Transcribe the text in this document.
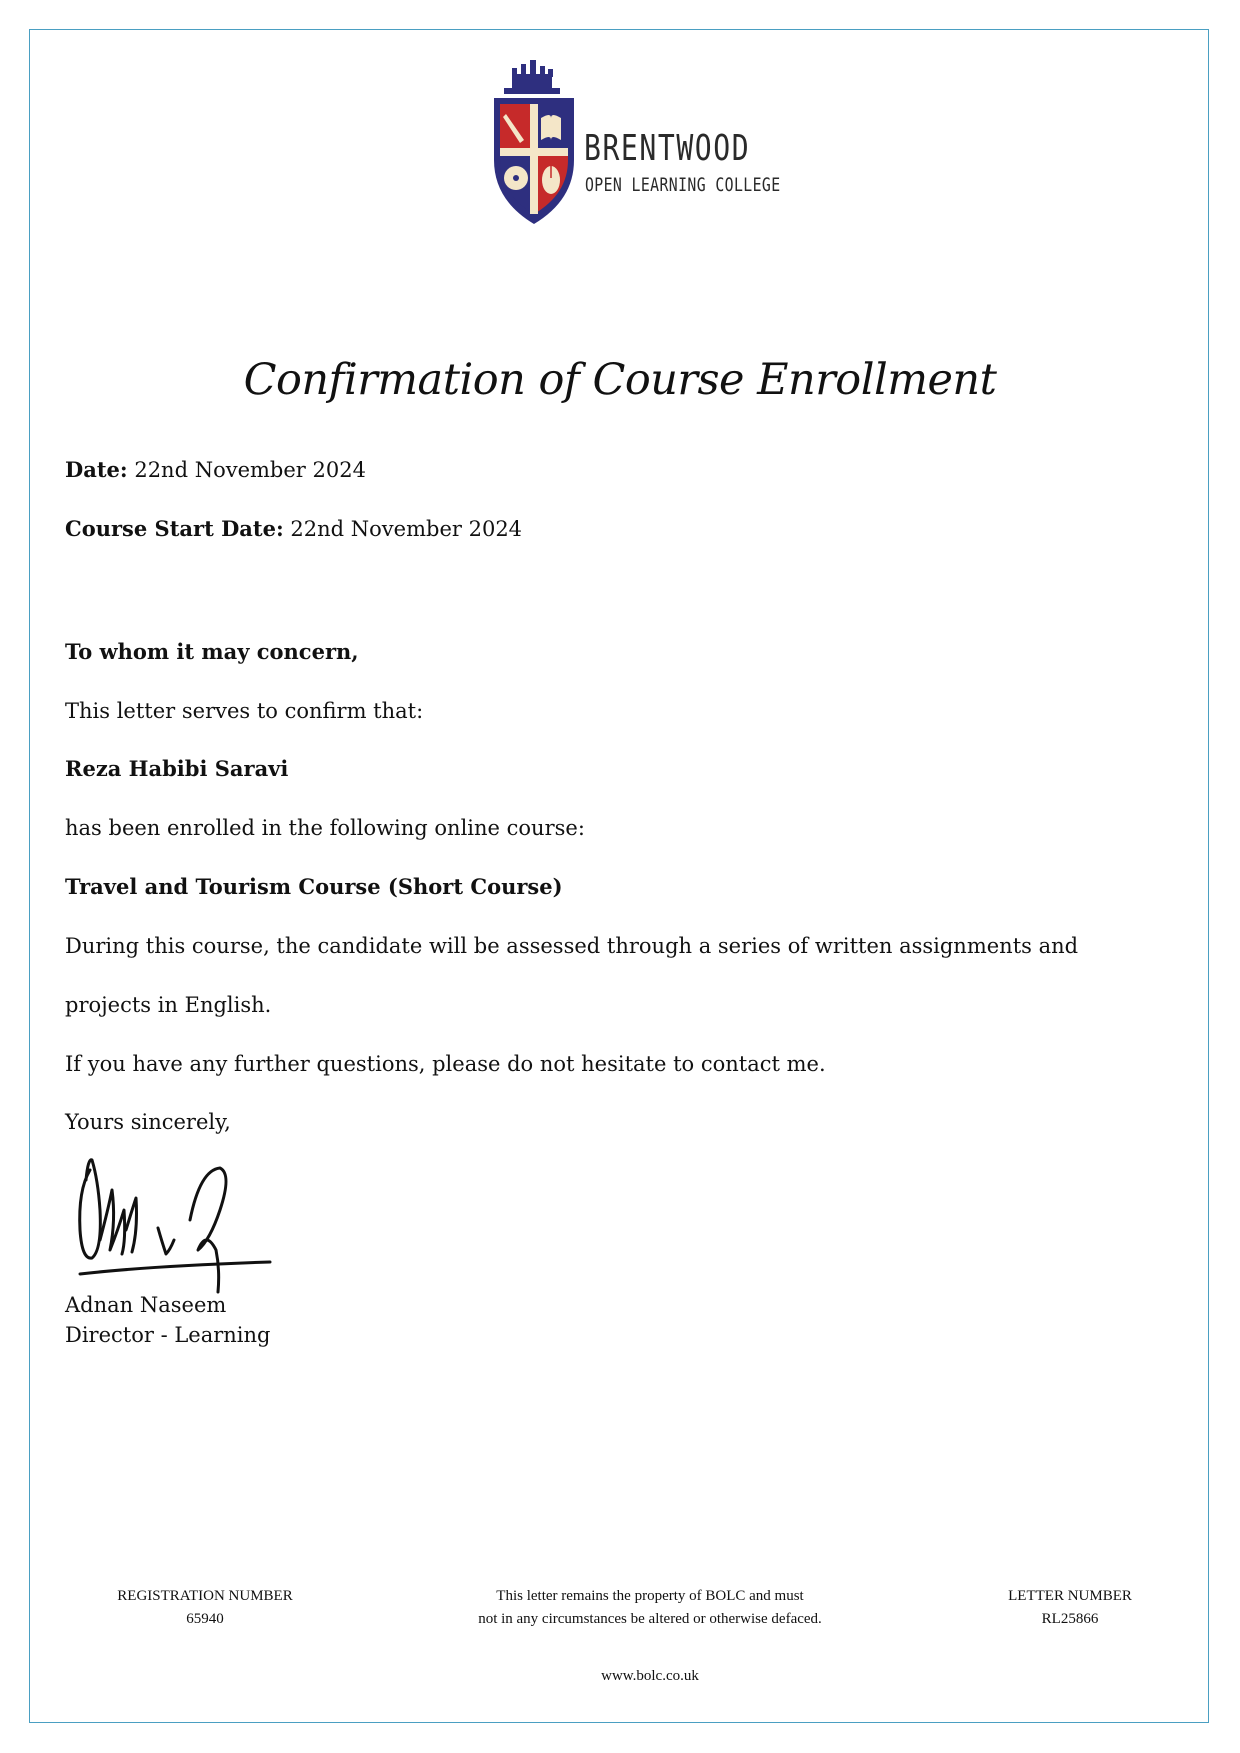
BRENTWOOD
OPEN LEARNING COLLEGE
Confirmation of Course Enrollment
Date: 22nd November 2024
Course Start Date: 22nd November 2024
To whom it may concern,
This letter serves to confirm that:
Reza Habibi Saravi
has been enrolled in the following online course:
Travel and Tourism Course (Short Course)
During this course, the candidate will be assessed through a series of written assignments and
projects in English.
If you have any further questions, please do not hesitate to contact me.
Yours sincerely,
Adnan Naseem
Director - Learning
REGISTRATION NUMBER
65940
This letter remains the property of BOLC and must
not in any circumstances be altered or otherwise defaced.
LETTER NUMBER
RL25866
www.bolc.co.uk
